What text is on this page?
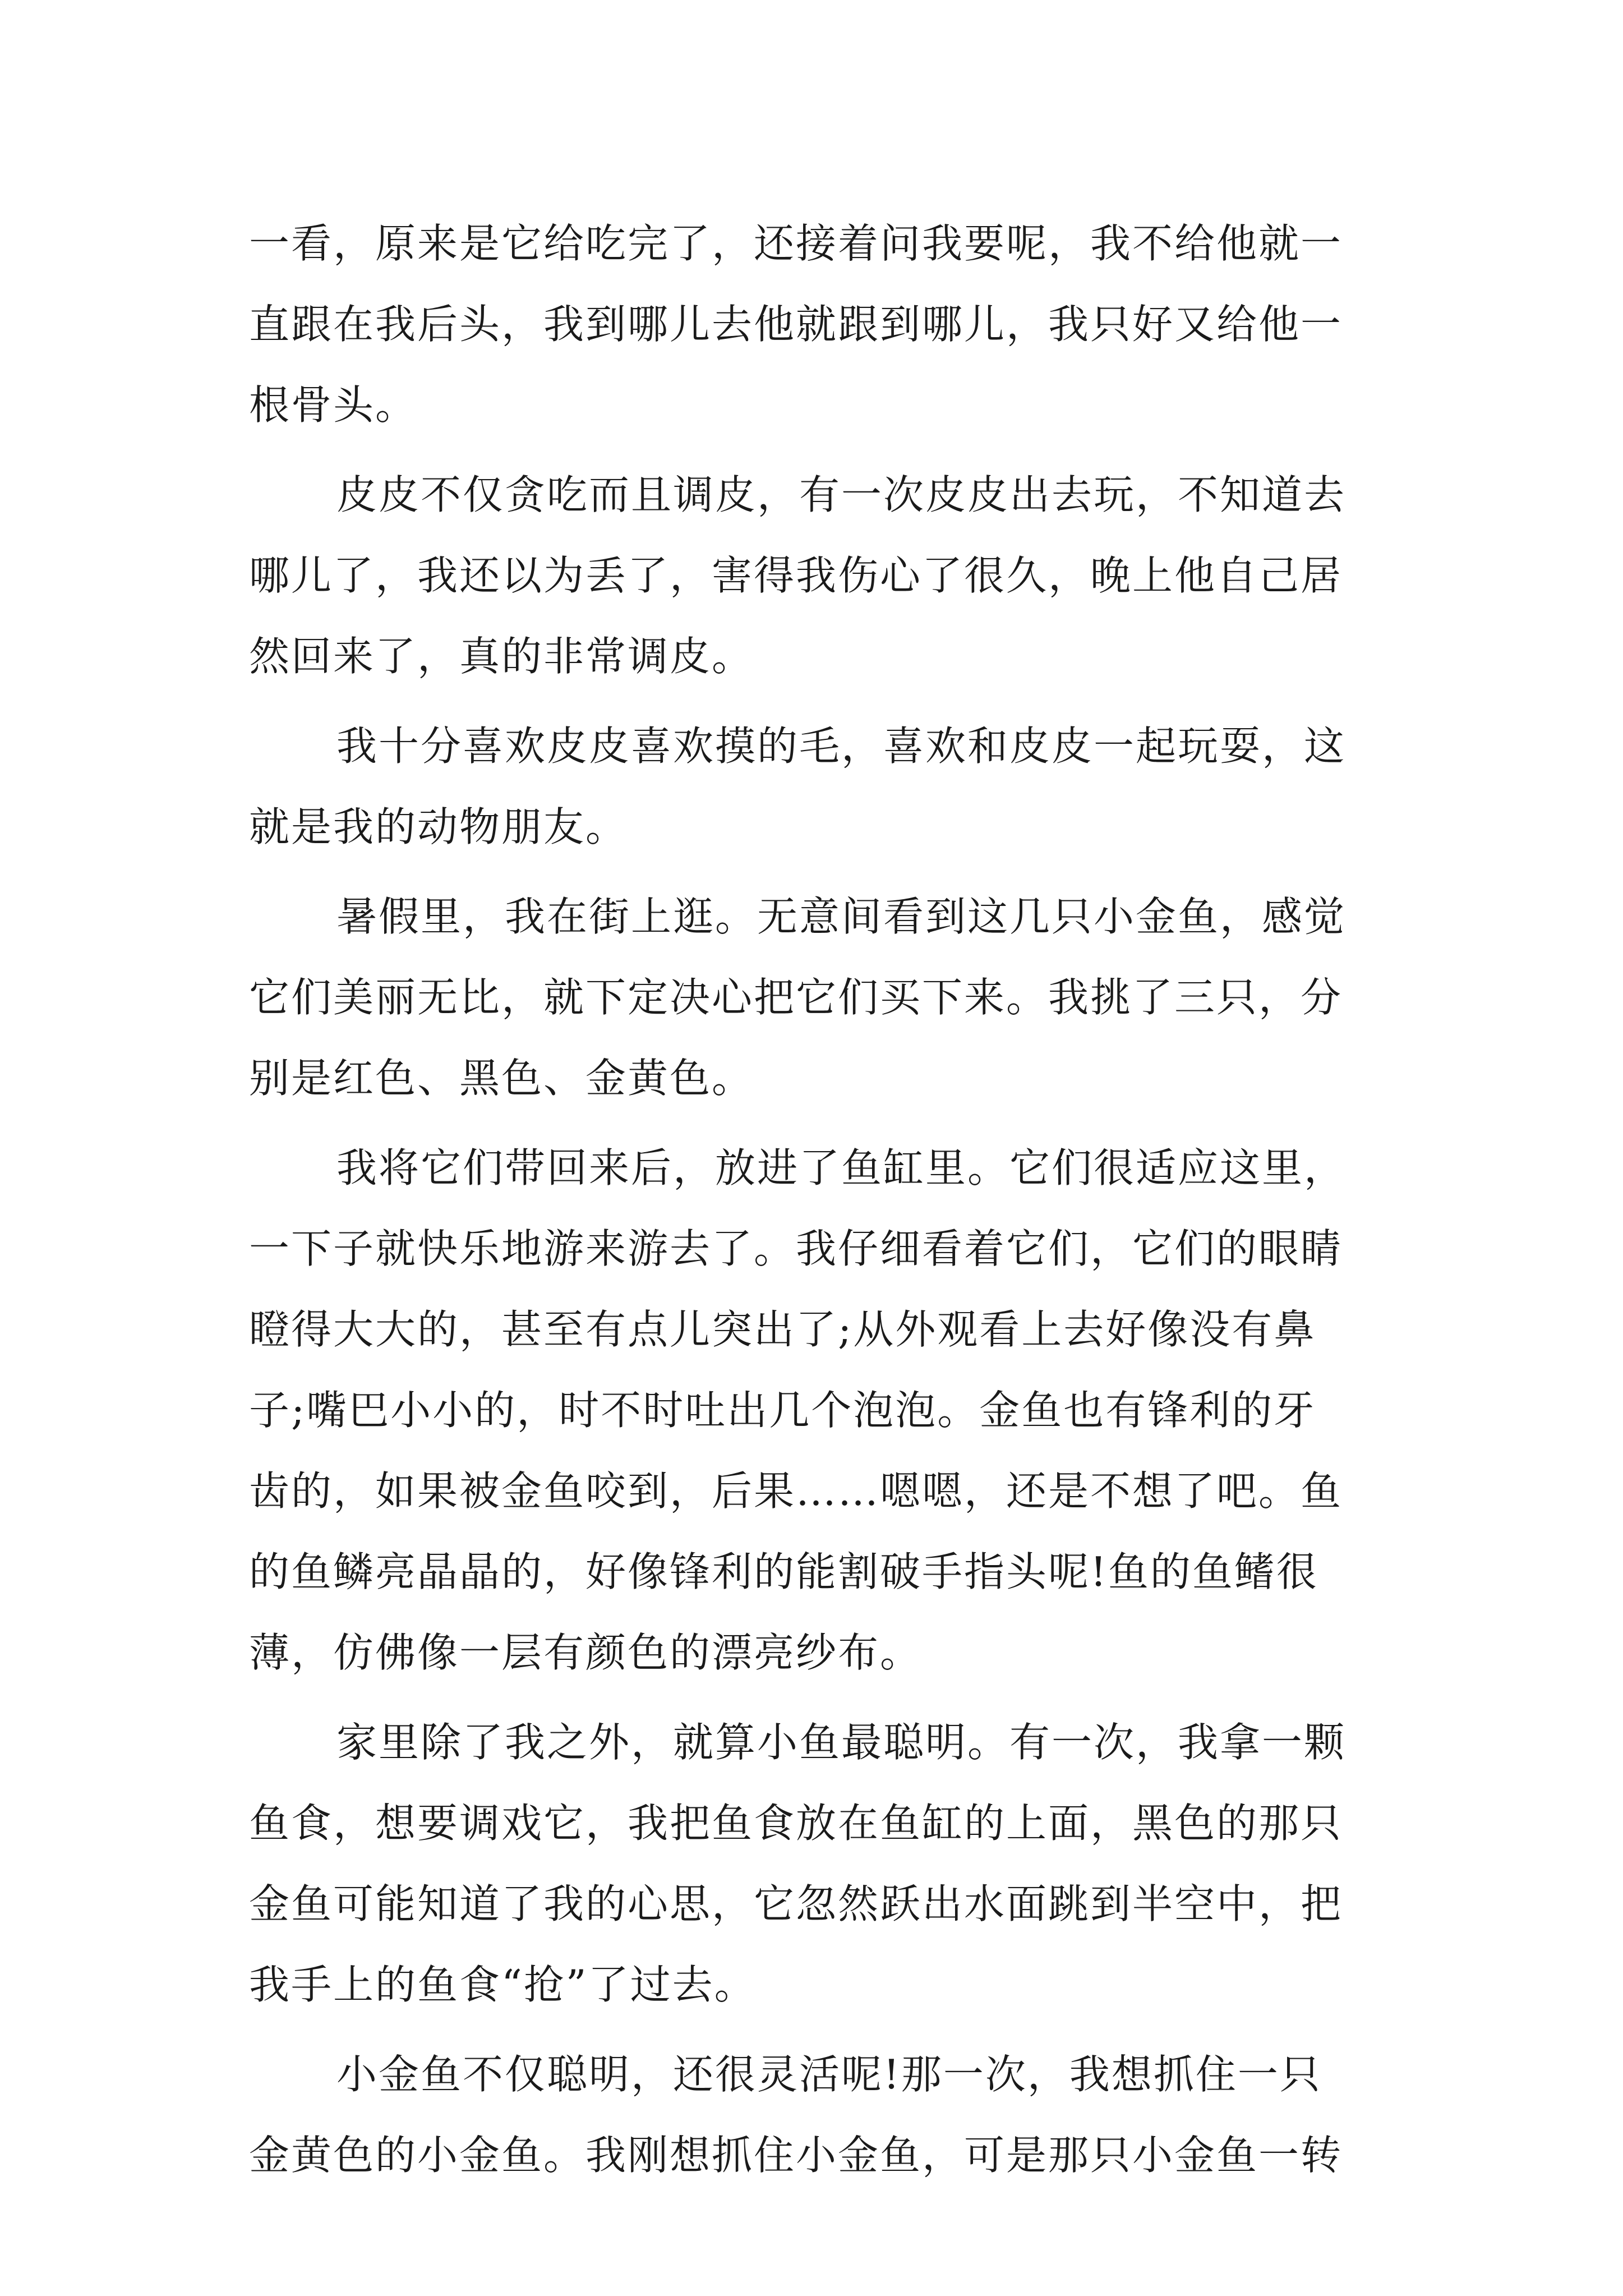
一看，原来是它给吃完了，还接着问我要呢，我不给他就一
直跟在我后头，我到哪儿去他就跟到哪儿，我只好又给他一
根骨头。
皮皮不仅贪吃而且调皮，有一次皮皮出去玩，不知道去
哪儿了，我还以为丢了，害得我伤心了很久，晚上他自己居
然回来了，真的非常调皮。
我十分喜欢皮皮喜欢摸的毛，喜欢和皮皮一起玩耍，这
就是我的动物朋友。
暑假里，我在街上逛。无意间看到这几只小金鱼，感觉
它们美丽无比，就下定决心把它们买下来。我挑了三只，分
别是红色、黑色、金黄色。
我将它们带回来后，放进了鱼缸里。它们很适应这里，
一下子就快乐地游来游去了。我仔细看着它们，它们的眼睛
瞪得大大的，甚至有点儿突出了;从外观看上去好像没有鼻
子;嘴巴小小的，时不时吐出几个泡泡。金鱼也有锋利的牙
齿的，如果被金鱼咬到，后果……嗯嗯，还是不想了吧。鱼
的鱼鳞亮晶晶的，好像锋利的能割破手指头呢!鱼的鱼鳍很
薄，仿佛像一层有颜色的漂亮纱布。
家里除了我之外，就算小鱼最聪明。有一次，我拿一颗
鱼食，想要调戏它，我把鱼食放在鱼缸的上面，黑色的那只
金鱼可能知道了我的心思，它忽然跃出水面跳到半空中，把
我手上的鱼食“抢”了过去。
小金鱼不仅聪明，还很灵活呢!那一次，我想抓住一只
金黄色的小金鱼。我刚想抓住小金鱼，可是那只小金鱼一转
